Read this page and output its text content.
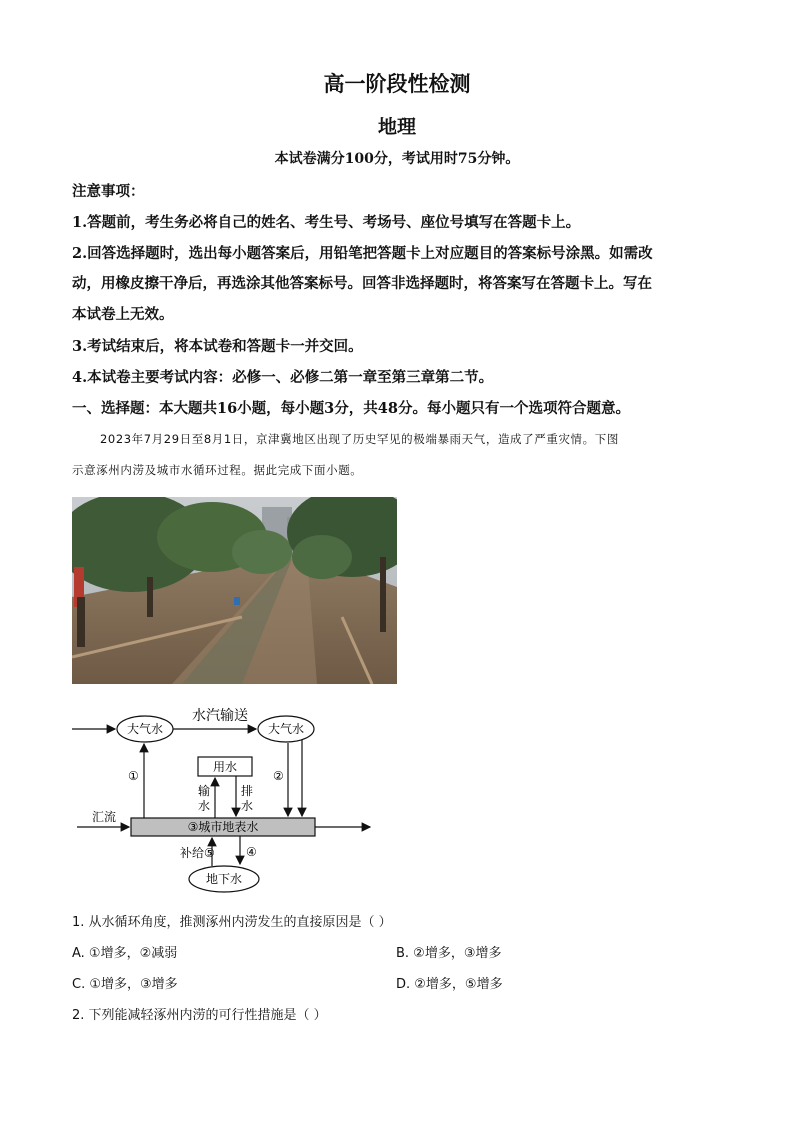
高一阶段性检测
地理
本试卷满分100分，考试用时75分钟。
注意事项：
1.答题前，考生务必将自己的姓名、考生号、考场号、座位号填写在答题卡上。
2.回答选择题时，选出每小题答案后，用铅笔把答题卡上对应题目的答案标号涂黑。如需改
动，用橡皮擦干净后，再选涂其他答案标号。回答非选择题时，将答案写在答题卡上。写在
本试卷上无效。
3.考试结束后，将本试卷和答题卡一并交回。
4.本试卷主要考试内容：必修一、必修二第一章至第三章第二节。
一、选择题：本大题共16小题，每小题3分，共48分。每小题只有一个选项符合题意。
2023年7月29日至8月1日，京津冀地区出现了历史罕见的极端暴雨天气，造成了严重灾情。下图
示意涿州内涝及城市水循环过程。据此完成下面小题。
大气水	大气水
水汽输送
用水
③城市地表水
汇流
①	②
输
水
排
水
地下水
补给⑤	④
1. 从水循环角度，推测涿州内涝发生的直接原因是（ ）
A. ①增多，②减弱	B. ②增多，③增多
C. ①增多，③增多	D. ②增多，⑤增多
2. 下列能减轻涿州内涝的可行性措施是（ ）
